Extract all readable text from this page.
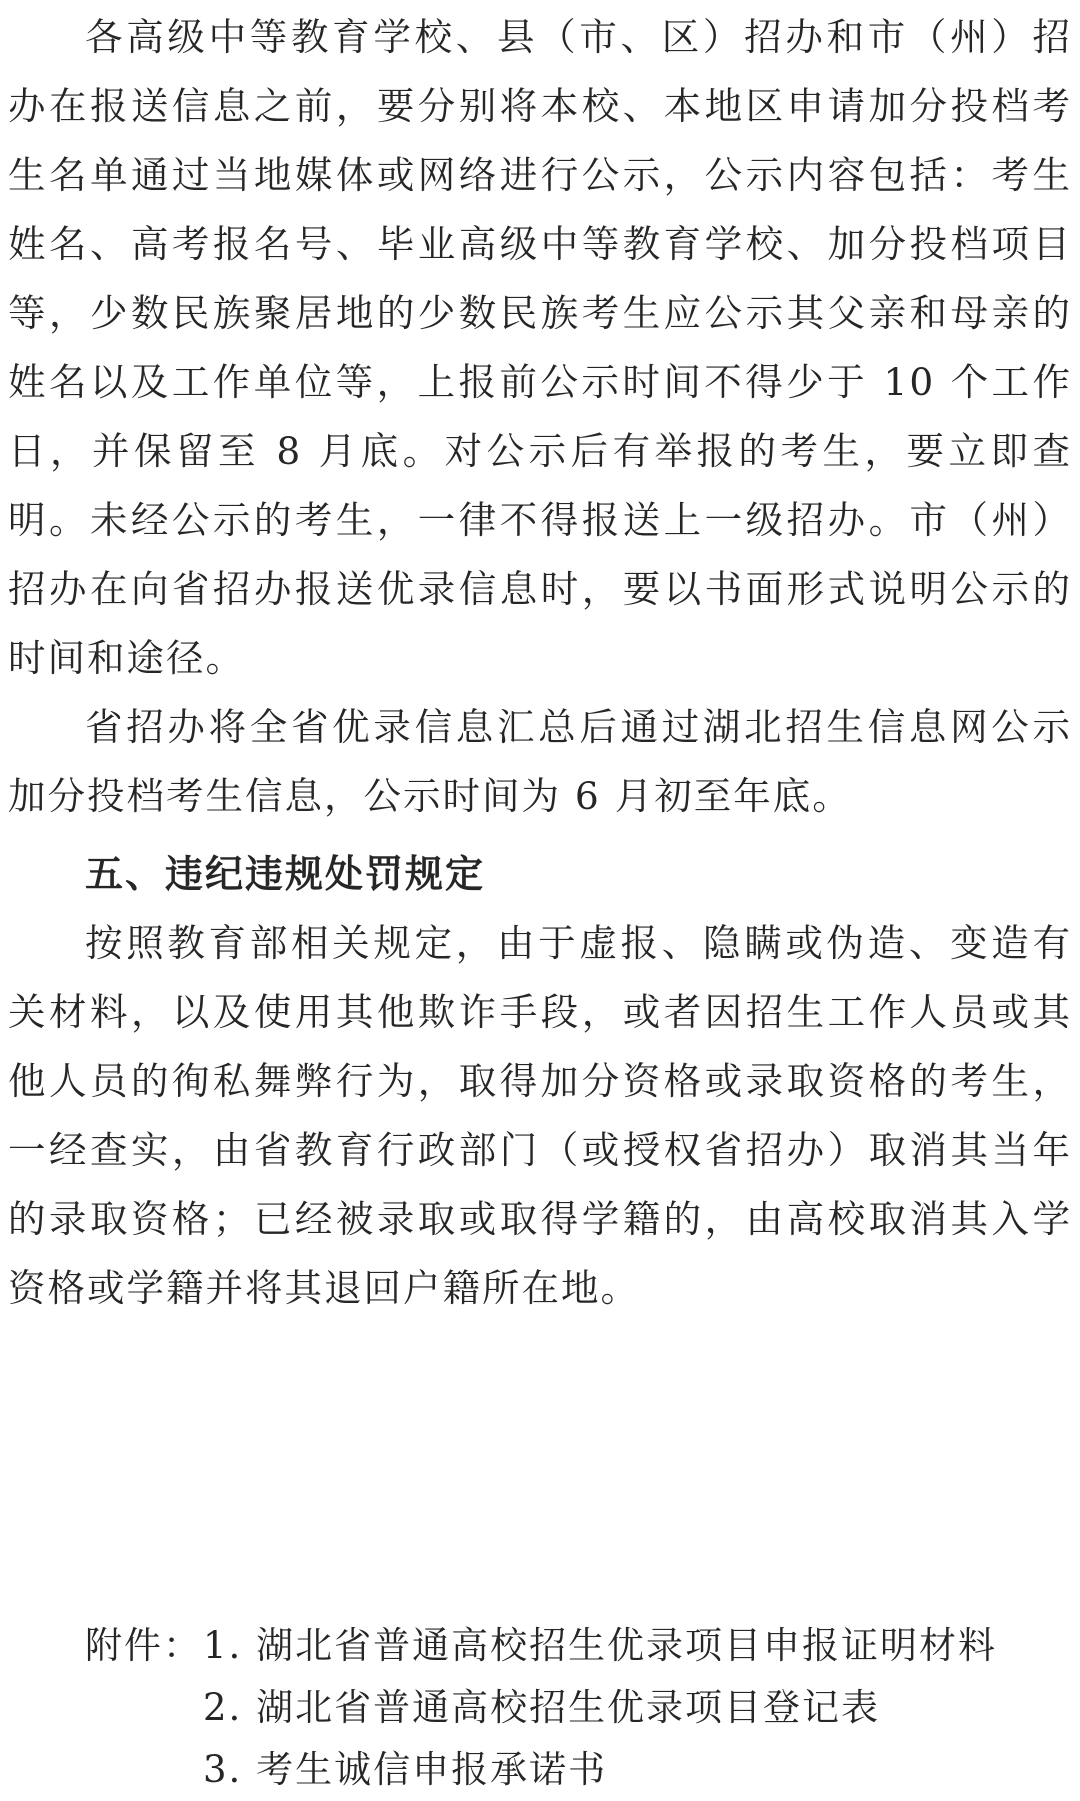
各高级中等教育学校、县（市、区）招办和市（州）招办在报送信息之前，要分别将本校、本地区申请加分投档考生名单通过当地媒体或网络进行公示，公示内容包括：考生姓名、高考报名号、毕业高级中等教育学校、加分投档项目等，少数民族聚居地的少数民族考生应公示其父亲和母亲的姓名以及工作单位等，上报前公示时间不得少于 10 个工作日，并保留至 8 月底。对公示后有举报的考生，要立即查明。未经公示的考生，一律不得报送上一级招办。市（州）招办在向省招办报送优录信息时，要以书面形式说明公示的时间和途径。

省招办将全省优录信息汇总后通过湖北招生信息网公示加分投档考生信息，公示时间为 6 月初至年底。

五、违纪违规处罚规定

按照教育部相关规定，由于虚报、隐瞒或伪造、变造有关材料，以及使用其他欺诈手段，或者因招生工作人员或其他人员的徇私舞弊行为，取得加分资格或录取资格的考生，一经查实，由省教育行政部门（或授权省招办）取消其当年的录取资格；已经被录取或取得学籍的，由高校取消其入学资格或学籍并将其退回户籍所在地。

附件： 1. 湖北省普通高校招生优录项目申报证明材料
2. 湖北省普通高校招生优录项目登记表
3. 考生诚信申报承诺书
